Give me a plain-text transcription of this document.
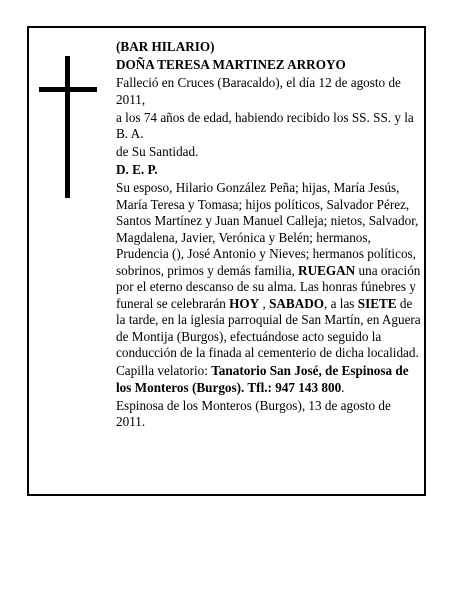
(BAR HILARIO)

DOÑA TERESA MARTINEZ ARROYO

Falleció en Cruces (Baracaldo), el día 12 de agosto de 2011,

a los 74 años de edad, habiendo recibido los SS. SS. y la B. A.

de Su Santidad.

D. E. P.

Su esposo, Hilario González Peña; hijas, María Jesús, María Teresa y Tomasa; hijos políticos, Salvador Pérez, Santos Martínez y Juan Manuel Calleja; nietos, Salvador, Magdalena, Javier, Verónica y Belén; hermanos, Prudencia (), José Antonio y Nieves; hermanos políticos, sobrinos, primos y demás familia, RUEGAN una oración por el eterno descanso de su alma. Las honras fúnebres y funeral se celebrarán HOY , SABADO, a las SIETE de la tarde, en la iglesia parroquial de San Martín, en Aguera de Montija (Burgos), efectuándose acto seguido la conducción de la finada al cementerio de dicha localidad.

Capilla velatorio: Tanatorio San José, de Espinosa de los Monteros (Burgos). Tfl.: 947 143 800.

Espinosa de los Monteros (Burgos), 13 de agosto de 2011.
